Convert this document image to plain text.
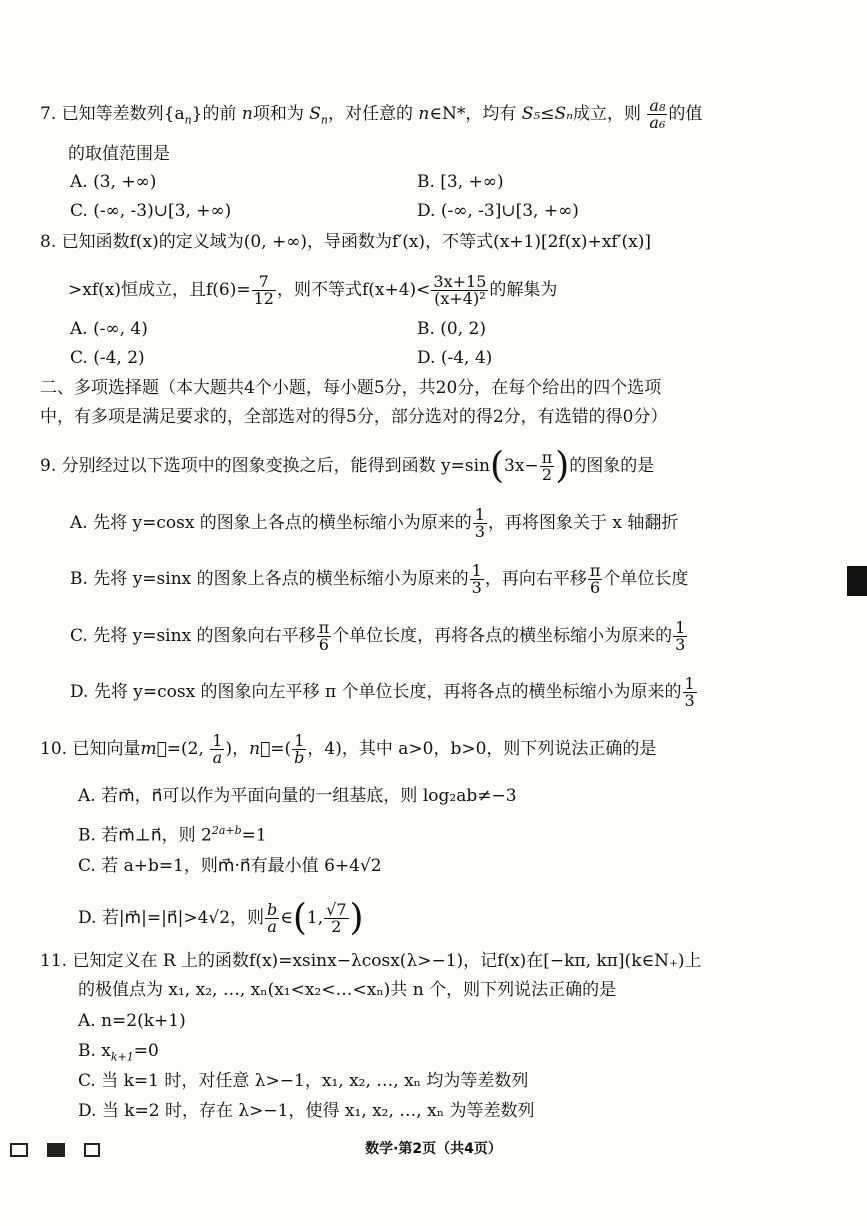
7. 已知等差数列$\{a_n\}$的前 n项和为 $S_n$，对任意的 n∈N*，均有 S₅≤Sₙ成立，则 $\frac{\text{a₈}}{\text{a₆}}$ 的值
的取值范围是
A. (3, +∞)	B. [3, +∞)
C. (-∞, -3)∪[3, +∞)	D. (-∞, -3]∪[3, +∞)
8. 已知函数f(x)的定义域为(0, +∞)，导函数为f′(x)，不等式(x+1)[2f(x)+xf′(x)]
>xf(x)恒成立，且$f(6)= \frac{7}{12}$ ，则不等式$f(x+4)< \frac{3x+15}{\text{(x+4)²}}$ 的解集为
A. (-∞, 4)	B. (0, 2)
C. (-4, 2)	D. (-4, 4)
二、多项选择题（本大题共4个小题，每小题5分，共20分，在每个给出的四个选项
中，有多项是满足要求的，全部选对的得5分，部分选对的得2分，有选错的得0分）
9. 分别经过以下选项中的图象变换之后，能得到函数 $y=\sin(3x- \frac{\pi}{2}$ )的图象的是
A. 先将 y=cosx 的图象上各点的横坐标缩小为原来的 $\frac{1}{3}$ ，再将图象关于 x 轴翻折
B. 先将 y=sinx 的图象上各点的横坐标缩小为原来的 $\frac{1}{3}$ ，再向右平移 $\frac{\pi}{6}$ 个单位长度
C. 先将 y=sinx 的图象向右平移 $\frac{\pi}{6}$ 个单位长度，再将各点的横坐标缩小为原来的 $\frac{1}{3}$
D. 先将 y=cosx 的图象向左平移 π 个单位长度，再将各点的横坐标缩小为原来的 $\frac{1}{3}$
10. 已知向量m⃗=(2, $\frac{1}{a}$ )，n⃗=( $\frac{1}{b}$ ，4)，其中 a>0，b>0，则下列说法正确的是
A. 若m⃗，n⃗可以作为平面向量的一组基底，则 log₂ab≠−3
B. 若m⃗⊥n⃗，则 $2^{2a+b}=1$
C. 若 a+b=1，则m⃗·n⃗有最小值 6+4√2
D. 若|m⃗|=|n⃗|>4√2，则 $\frac{b}{a}$ ∈(1, $\frac{√7}{2}$ )
11. 已知定义在 R 上的函数f(x)=xsinx−λcosx(λ>−1)，记f(x)在[−kπ, kπ](k∈N₊)上
的极值点为 x₁, x₂, …, xₙ(x₁<x₂<…<xₙ)共 n 个，则下列说法正确的是
A. n=2(k+1)
B. $x_{k+1}=0$
C. 当 k=1 时，对任意 λ>−1，x₁, x₂, …, xₙ 均为等差数列
D. 当 k=2 时，存在 λ>−1，使得 x₁, x₂, …, xₙ 为等差数列
数学·第2页（共4页）
